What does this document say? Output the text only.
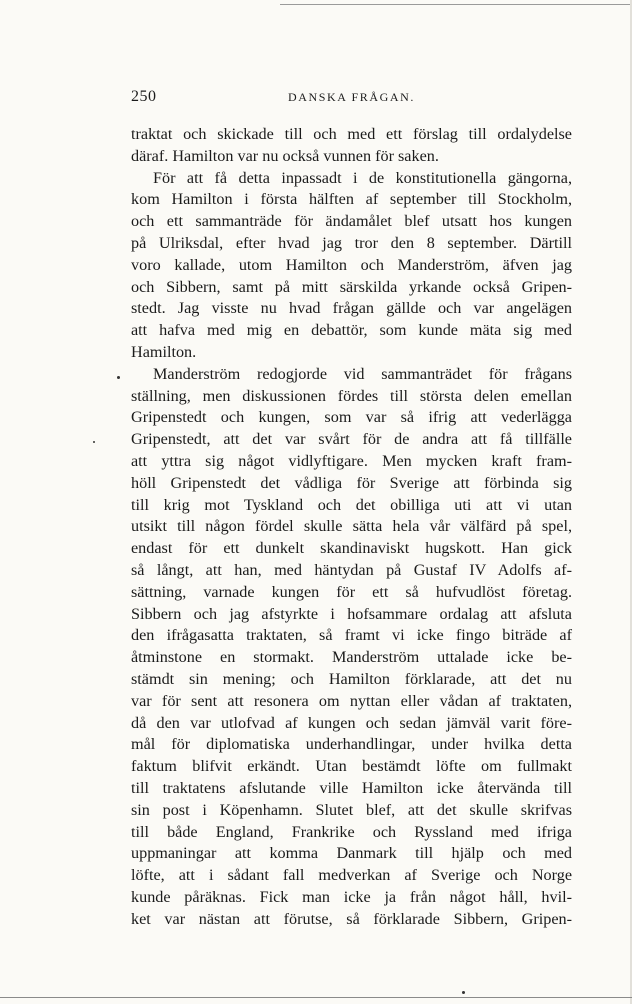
250	DANSKA FRÅGAN.
traktat och skickade till och med ett förslag till ordalydelse
däraf. Hamilton var nu också vunnen för saken.
För att få detta inpassadt i de konstitutionella gängorna,
kom Hamilton i första hälften af september till Stockholm,
och ett sammanträde för ändamålet blef utsatt hos kungen
på Ulriksdal, efter hvad jag tror den 8 september. Därtill
voro kallade, utom Hamilton och Manderström, äfven jag
och Sibbern, samt på mitt särskilda yrkande också Gripen-
stedt. Jag visste nu hvad frågan gällde och var angelägen
att hafva med mig en debattör, som kunde mäta sig med
Hamilton.
Manderström redogjorde vid sammanträdet för frågans
ställning, men diskussionen fördes till största delen emellan
Gripenstedt och kungen, som var så ifrig att vederlägga
Gripenstedt, att det var svårt för de andra att få tillfälle
att yttra sig något vidlyftigare. Men mycken kraft fram-
höll Gripenstedt det vådliga för Sverige att förbinda sig
till krig mot Tyskland och det obilliga uti att vi utan
utsikt till någon fördel skulle sätta hela vår välfärd på spel,
endast för ett dunkelt skandinaviskt hugskott. Han gick
så långt, att han, med häntydan på Gustaf IV Adolfs af-
sättning, varnade kungen för ett så hufvudlöst företag.
Sibbern och jag afstyrkte i hofsammare ordalag att afsluta
den ifrågasatta traktaten, så framt vi icke fingo biträde af
åtminstone en stormakt. Manderström uttalade icke be-
stämdt sin mening; och Hamilton förklarade, att det nu
var för sent att resonera om nyttan eller vådan af traktaten,
då den var utlofvad af kungen och sedan jämväl varit före-
mål för diplomatiska underhandlingar, under hvilka detta
faktum blifvit erkändt. Utan bestämdt löfte om fullmakt
till traktatens afslutande ville Hamilton icke återvända till
sin post i Köpenhamn. Slutet blef, att det skulle skrifvas
till både England, Frankrike och Ryssland med ifriga
uppmaningar att komma Danmark till hjälp och med
löfte, att i sådant fall medverkan af Sverige och Norge
kunde påräknas. Fick man icke ja från något håll, hvil-
ket var nästan att förutse, så förklarade Sibbern, Gripen-
